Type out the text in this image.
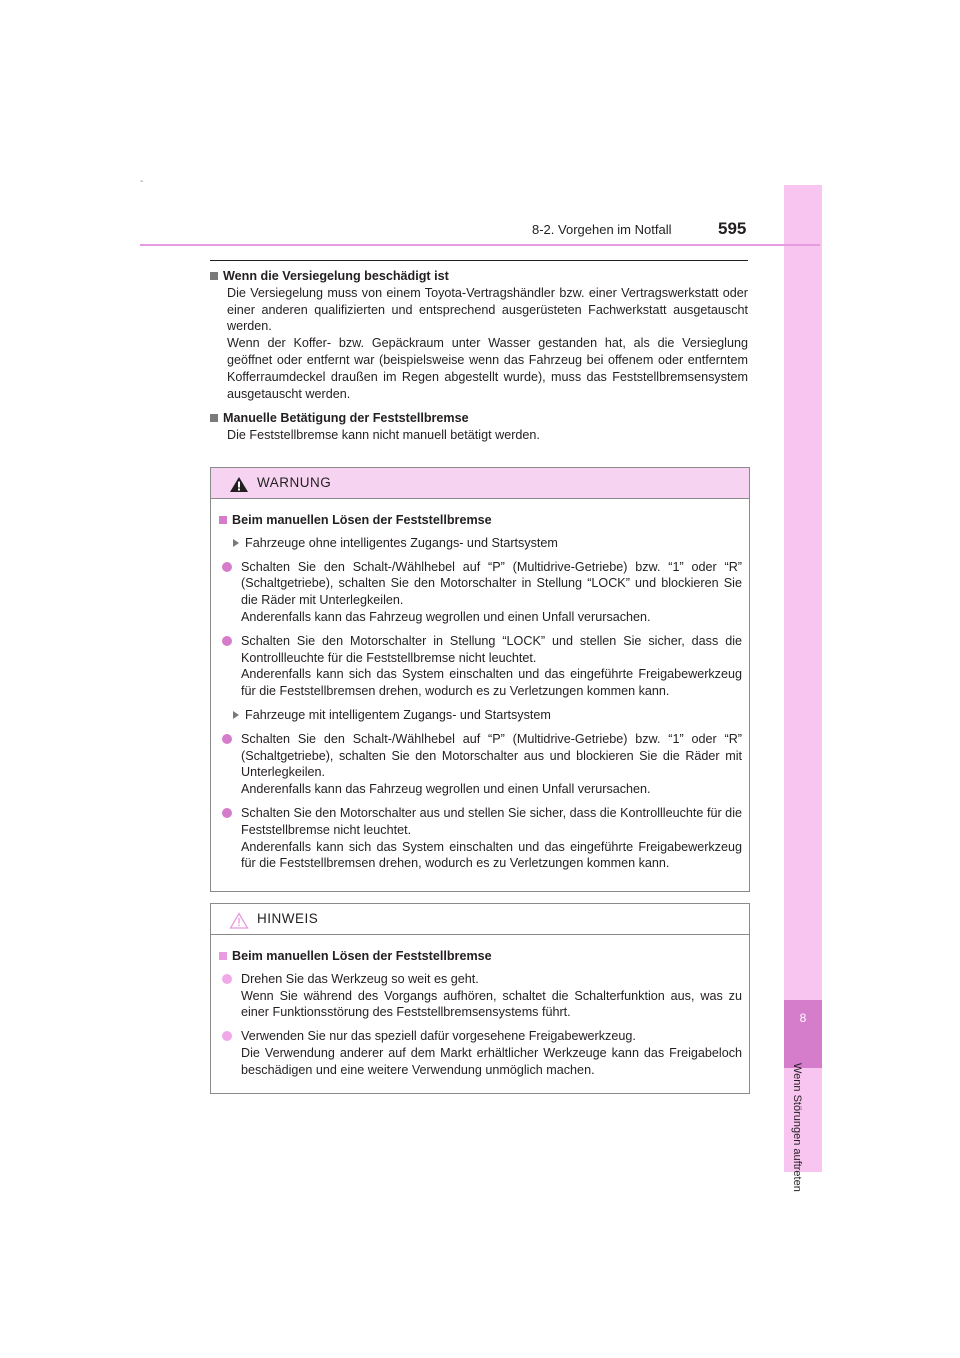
8
Wenn Störungen auftreten
-
8-2. Vorgehen im Notfall	595

Wenn die Versiegelung beschädigt ist

Die Versiegelung muss von einem Toyota-Vertragshändler bzw. einer Vertragswerkstatt oder einer anderen qualifizierten und entsprechend ausgerüsteten Fachwerkstatt ausgetauscht werden.

Wenn der Koffer- bzw. Gepäckraum unter Wasser gestanden hat, als die Versieglung geöffnet oder entfernt war (beispielsweise wenn das Fahrzeug bei offenem oder entferntem Kofferraumdeckel draußen im Regen abgestellt wurde), muss das Feststellbremsensystem ausgetauscht werden.

Manuelle Betätigung der Feststellbremse

Die Feststellbremse kann nicht manuell betätigt werden.

WARNUNG

Beim manuellen Lösen der Feststellbremse

Fahrzeuge ohne intelligentes Zugangs- und Startsystem
Schalten Sie den Schalt-/Wählhebel auf “P” (Multidrive-Getriebe) bzw. “1” oder “R” (Schaltgetriebe), schalten Sie den Motorschalter in Stellung “LOCK” und blockieren Sie die Räder mit Unterlegkeilen.
Anderenfalls kann das Fahrzeug wegrollen und einen Unfall verursachen.
Schalten Sie den Motorschalter in Stellung “LOCK” und stellen Sie sicher, dass die Kontrollleuchte für die Feststellbremse nicht leuchtet.
Anderenfalls kann sich das System einschalten und das eingeführte Freigabewerkzeug für die Feststellbremsen drehen, wodurch es zu Verletzungen kommen kann.
Fahrzeuge mit intelligentem Zugangs- und Startsystem
Schalten Sie den Schalt-/Wählhebel auf “P” (Multidrive-Getriebe) bzw. “1” oder “R” (Schaltgetriebe), schalten Sie den Motorschalter aus und blockieren Sie die Räder mit Unterlegkeilen.
Anderenfalls kann das Fahrzeug wegrollen und einen Unfall verursachen.
Schalten Sie den Motorschalter aus und stellen Sie sicher, dass die Kontrollleuchte für die Feststellbremse nicht leuchtet.
Anderenfalls kann sich das System einschalten und das eingeführte Freigabewerkzeug für die Feststellbremsen drehen, wodurch es zu Verletzungen kommen kann.
HINWEIS

Beim manuellen Lösen der Feststellbremse

Drehen Sie das Werkzeug so weit es geht.
Wenn Sie während des Vorgangs aufhören, schaltet die Schalterfunktion aus, was zu einer Funktionsstörung des Feststellbremsensystems führt.
Verwenden Sie nur das speziell dafür vorgesehene Freigabewerkzeug.
Die Verwendung anderer auf dem Markt erhältlicher Werkzeuge kann das Freigabeloch beschädigen und eine weitere Verwendung unmöglich machen.
